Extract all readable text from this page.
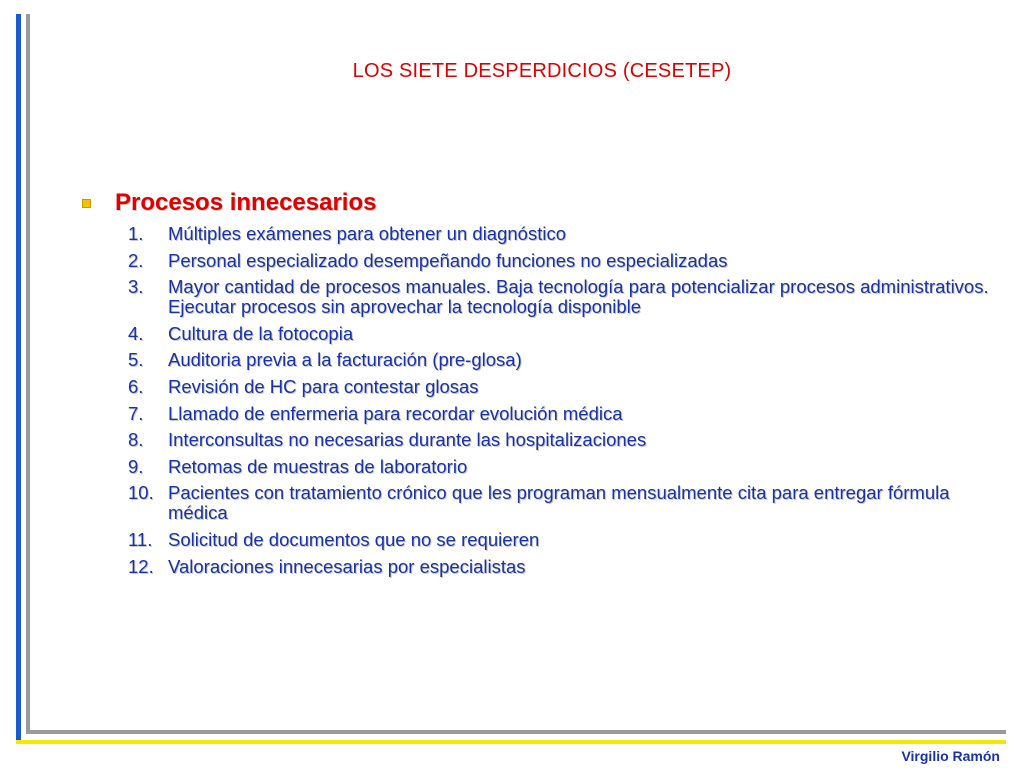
LOS SIETE DESPERDICIOS (CESETEP)
Procesos innecesarios
1.	Múltiples exámenes para obtener un diagnóstico
2.	Personal especializado desempeñando funciones no especializadas
3.	Mayor cantidad de procesos manuales. Baja tecnología para potencializar procesos administrativos. Ejecutar procesos sin aprovechar la tecnología disponible
4.	Cultura de la fotocopia
5.	Auditoria previa a la facturación (pre-glosa)
6.	Revisión de HC para contestar glosas
7.	Llamado de enfermeria para recordar evolución médica
8.	Interconsultas no necesarias durante las hospitalizaciones
9.	Retomas de muestras de laboratorio
10. Pacientes con tratamiento crónico que les programan mensualmente cita para entregar fórmula médica
11. Solicitud de documentos que no se requieren
12. Valoraciones innecesarias por especialistas
Virgilio Ramón
